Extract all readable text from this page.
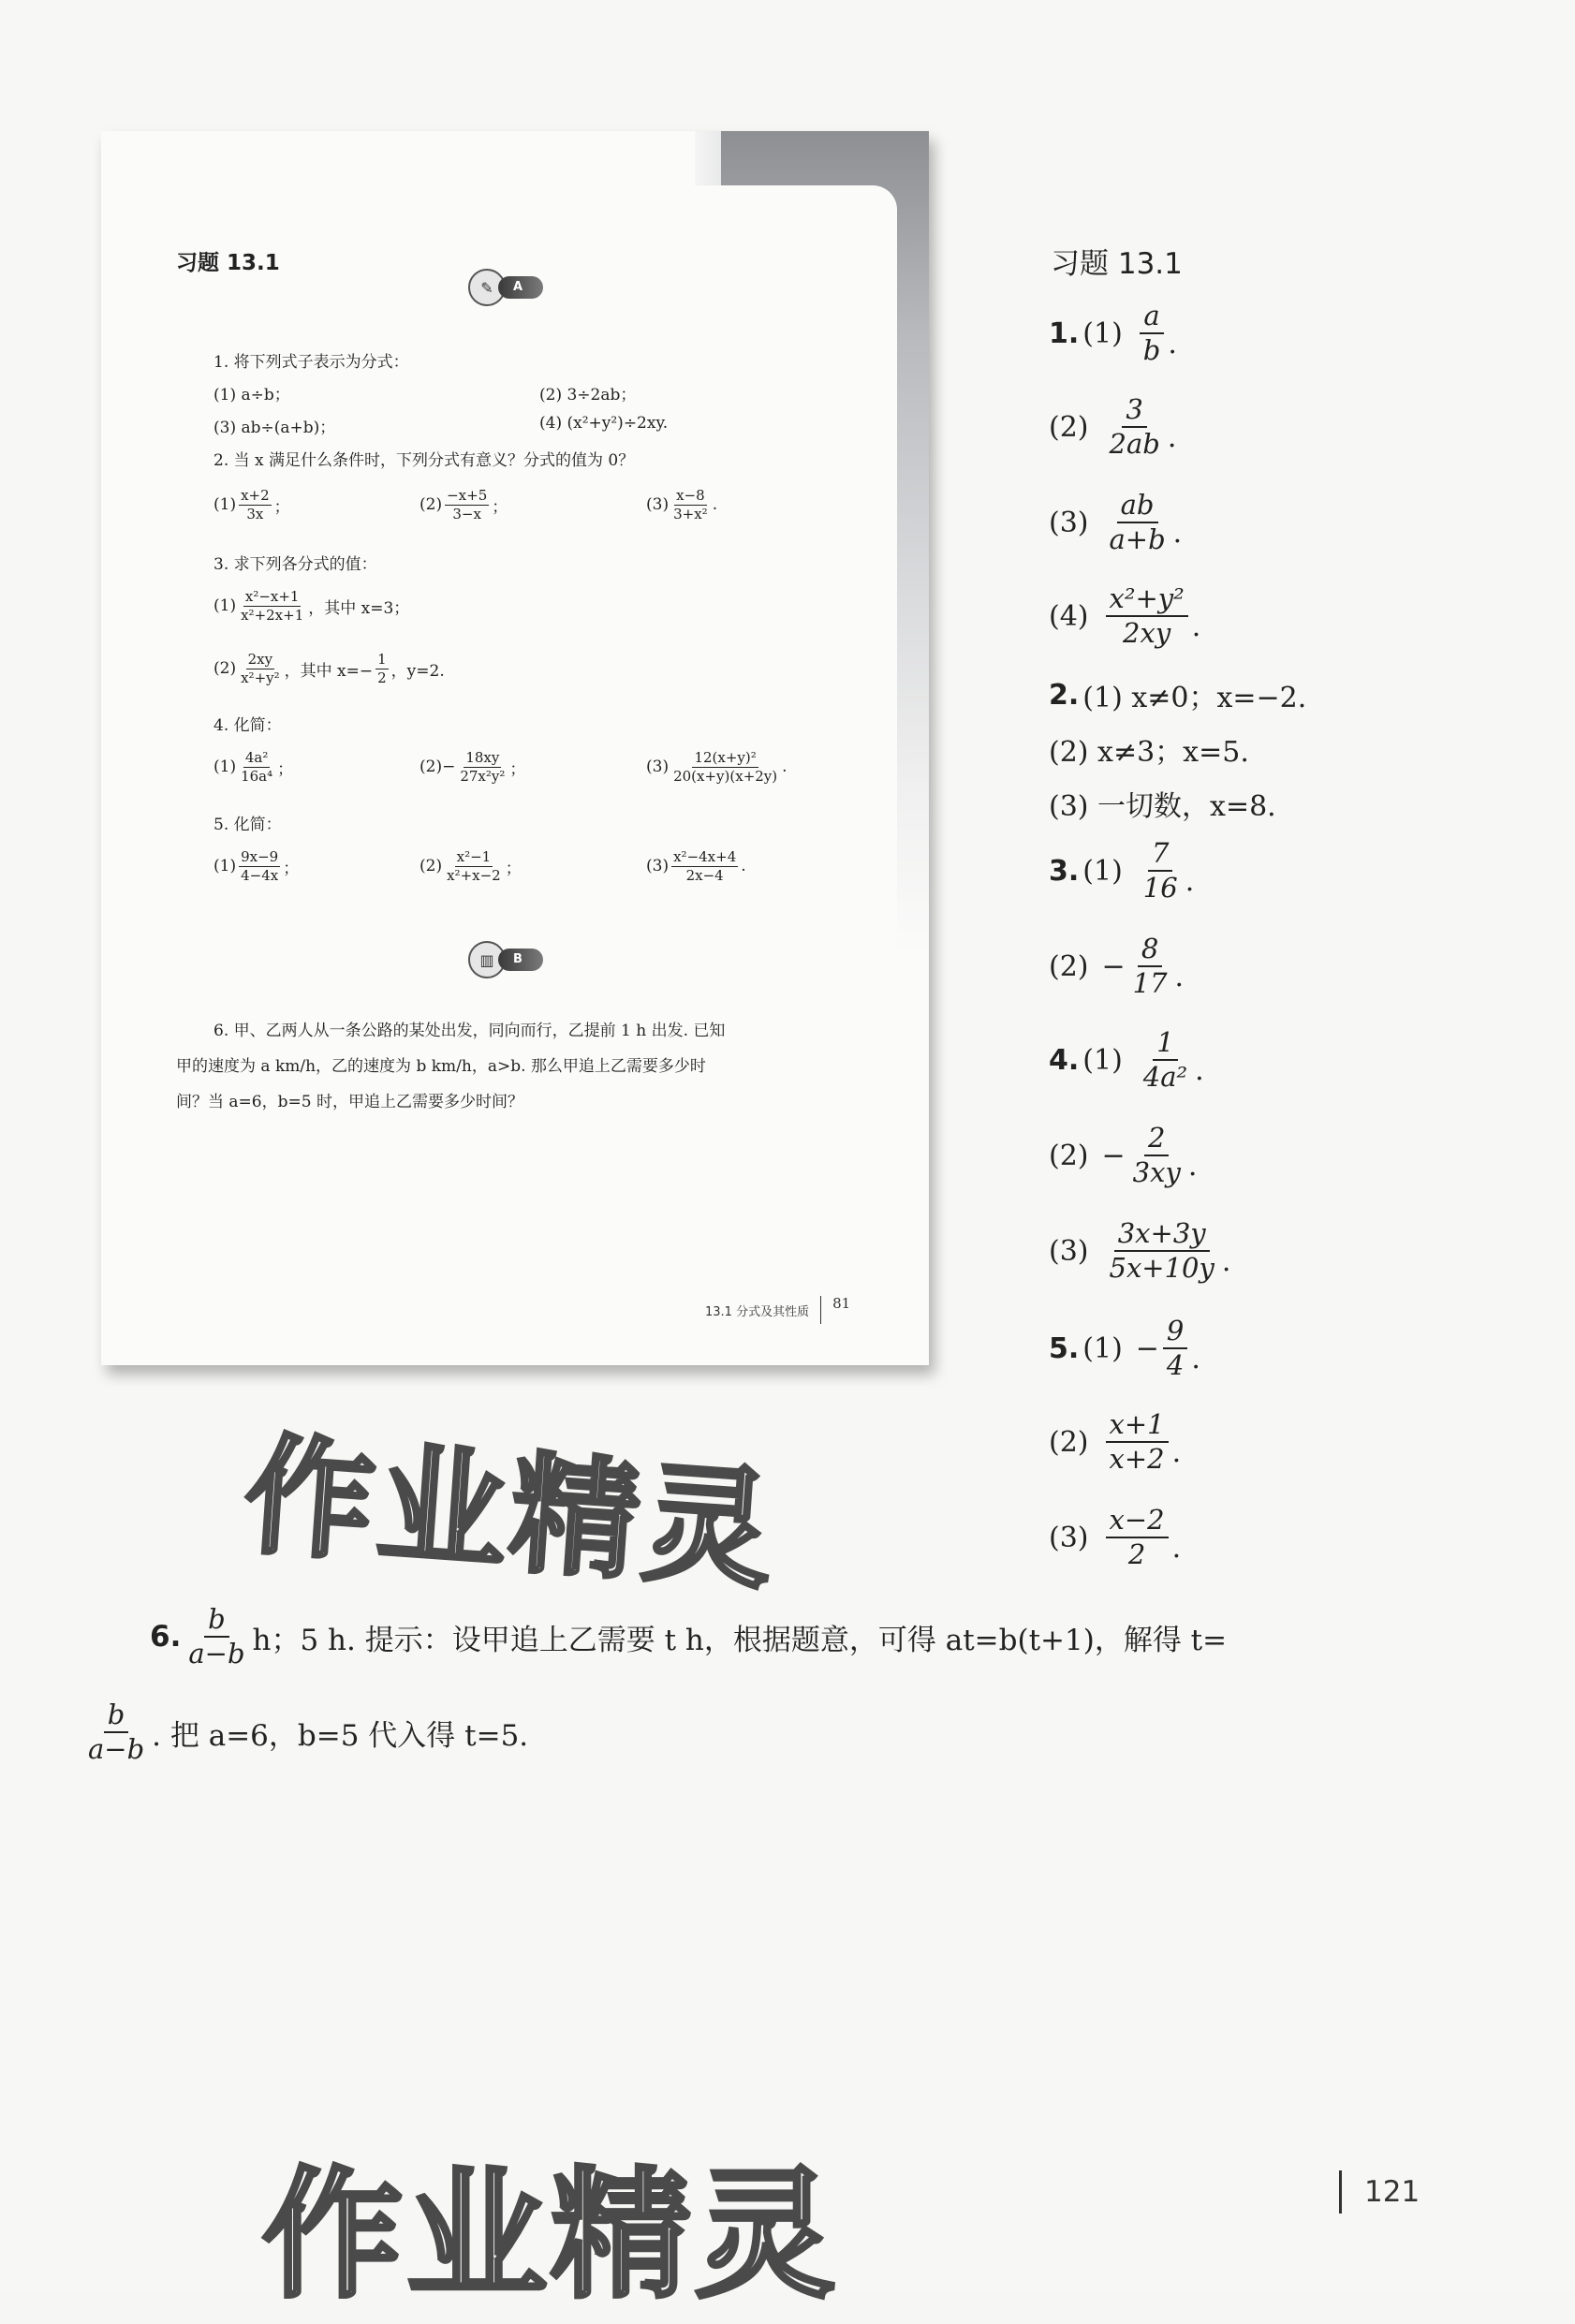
习题 13.1
✎	A
1. 将下列式子表示为分式：
(1) a÷b；	(2) 3÷2ab；
(3) ab÷(a+b)；	(4) (x²+y²)÷2xy.
2. 当 x 满足什么条件时，下列分式有意义？分式的值为 0？
(1)
x+2
3x ；	(2)
−x+5
3−x ；	(3)
x−8
3+x² .
3. 求下列各分式的值：
(1)
x²−x+1
x²+2x+1 ，其中 x=3；
(2)
2xy
x²+y² ，其中 $x=- \frac{1}{2}$ ，y=2.
4. 化简：
(1)
4a²
16a⁴ ；	$(2) - \frac{18xy}{\text{27x²y²}}$ ；	(3)
12(x+y)²
20(x+y)(x+2y) .
5. 化简：
(1)
9x−9
4−4x ；	(2)
x²−1
x²+x−2 ；	(3)
x²−4x+4
2x−4 .
▥	B
6. 甲、乙两人从一条公路的某处出发，同向而行，乙提前 1 h 出发. 已知
甲的速度为 a km/h，乙的速度为 b km/h，a>b. 那么甲追上乙需要多少时
间？当 a=6，b=5 时，甲追上乙需要多少时间？
13.1 分式及其性质 81
习题 13.1
1. (1)
a
b .
(2)
3
2ab .
(3)
ab
a+b .
(4)
x²+y²
2xy .
2. (1) x≠0；x=−2.
(2) x≠3；x=5.
(3) 一切数，x=8.
3. (1)
7
16 .
$(2) - \frac{8}{17}$ .
4. (1)
1
4a² .
$(2) - \frac{2}{3xy}$ .
(3)
3x+3y
5x+10y .
5. $(1) - \frac{9}{4}$ .
(2)
x+1
x+2 .
(3)
x−2
2 .
6.
b
a−b h；5 h. 提示：设甲追上乙需要 t h，根据题意，可得 at=b(t+1)，解得 t=
b
a−b . 把 a=6，b=5 代入得 t=5.
作业精灵
作业精灵	121
